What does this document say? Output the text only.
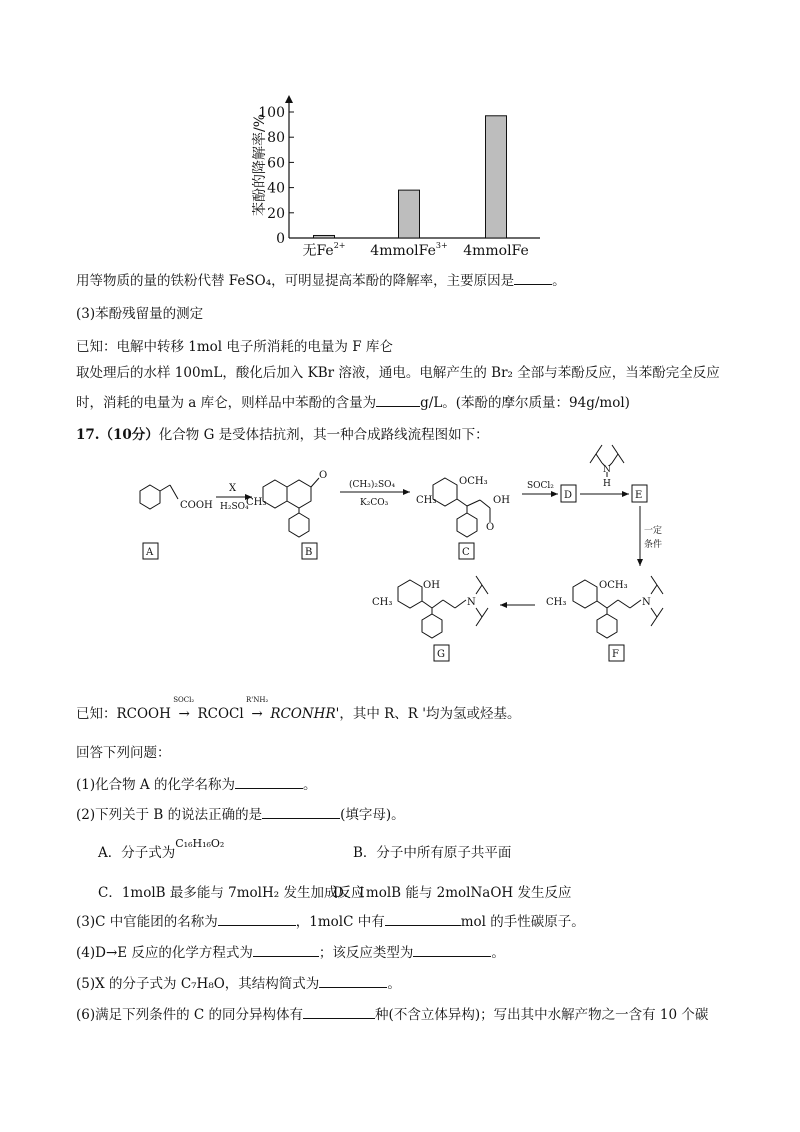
0
20
40
60
80
100
苯酚的降解率/%
无$Fe^{2+}$ 4mmolFe$^{3+}$ 4mmolFe
用等物质的量的铁粉代替 FeSO₄，可明显提高苯酚的降解率，主要原因是	。
(3)苯酚残留量的测定
已知：电解中转移 1mol 电子所消耗的电量为 F 库仑
取处理后的水样 100mL，酸化后加入 KBr 溶液，通电。电解产生的 Br₂ 全部与苯酚反应，当苯酚完全反应
时，消耗的电量为 a 库仑，则样品中苯酚的含量为	g/L。(苯酚的摩尔质量：94g/mol)
17.（10分）化合物 G 是受体拮抗剂，其一种合成路线流程图如下：
COOH
X
H₂SO₄
CH₃
O
(CH₃)₂SO₄
K₂CO₃	CH₃
OCH₃
OH
O
SOCl₂
D
N
H
E
一定
条件
CH₃
OCH₃
N
CH₃
OH
N
A	B	C
F
G
已知：RCOOH
SOCl₂
→ RCOCl
R'NH₂
→ RCONHR'，其中 R、R '均为氢或烃基。
回答下列问题：
(1)化合物 A 的化学名称为	。
(2)下列关于 B 的说法正确的是	(填字母)。
A．分子式为$^{C_{16}H_{16}O_2}$
B．分子中所有原子共平面
C．1molB 最多能与 7molH₂ 发生加成反应
D．1molB 能与 2molNaOH 发生反应
(3)C 中官能团的名称为	，1molC 中有	mol 的手性碳原子。
(4)D→E 反应的化学方程式为	；该反应类型为	。
(5)X 的分子式为 C₇H₈O，其结构简式为	。
(6)满足下列条件的 C 的同分异构体有	种(不含立体异构)；写出其中水解产物之一含有 10 个碳
